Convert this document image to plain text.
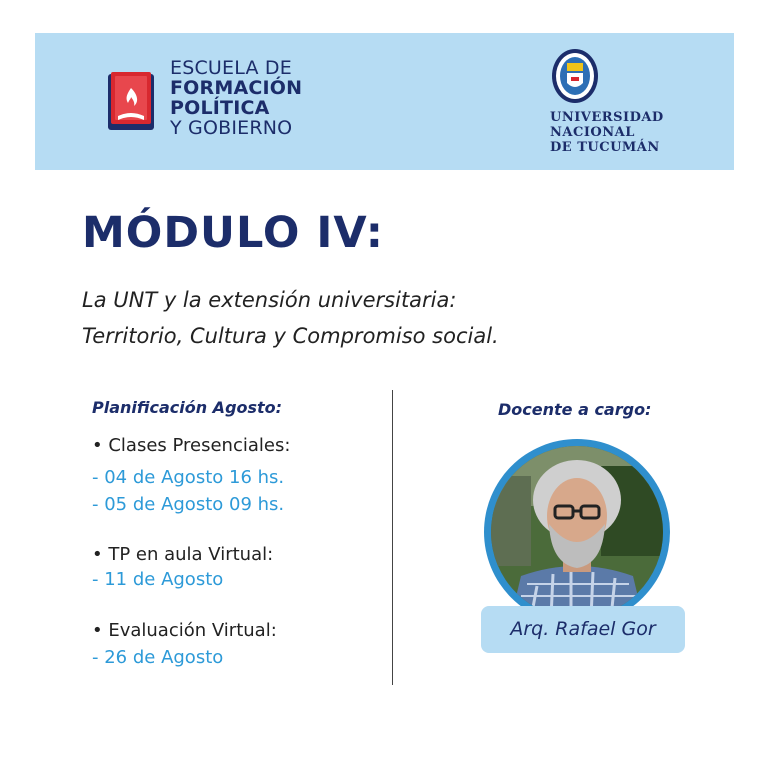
ESCUELA DE
FORMACIÓN
POLÍTICA
Y GOBIERNO	UNIVERSIDAD
NACIONAL
DE TUCUMÁN
MÓDULO IV:
La UNT y la extensión universitaria:
Territorio, Cultura y Compromiso social.
Planificación Agosto:
• Clases Presenciales:
- 04 de Agosto 16 hs.
- 05 de Agosto 09 hs.
• TP en aula Virtual:
- 11 de Agosto
• Evaluación Virtual:
- 26 de Agosto
Docente a cargo:
Arq. Rafael Gor
